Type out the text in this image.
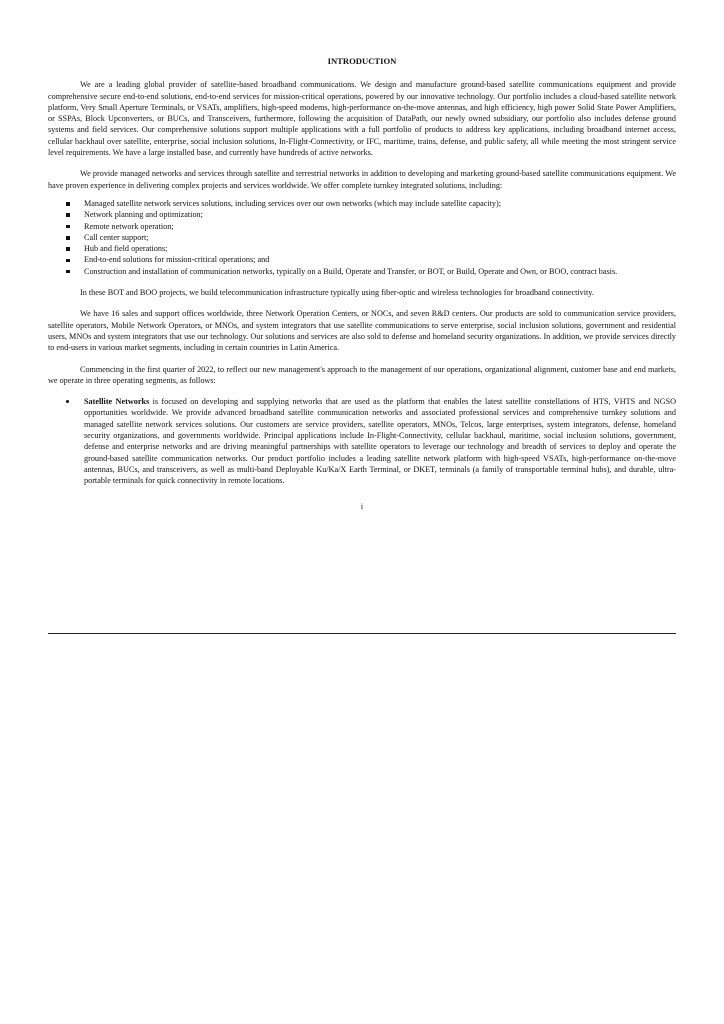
INTRODUCTION

We are a leading global provider of satellite-based broadband communications. We design and manufacture ground-based satellite communications equipment and provide comprehensive secure end-to-end solutions, end-to-end services for mission-critical operations, powered by our innovative technology. Our portfolio includes a cloud-based satellite network platform, Very Small Aperture Terminals, or VSATs, amplifiers, high-speed modems, high-performance on-the-move antennas, and high efficiency, high power Solid State Power Amplifiers, or SSPAs, Block Upconverters, or BUCs, and Transceivers, furthermore, following the acquisition of DataPath, our newly owned subsidiary, our portfolio also includes defense ground systems and field services. Our comprehensive solutions support multiple applications with a full portfolio of products to address key applications, including broadband internet access, cellular backhaul over satellite, enterprise, social inclusion solutions, In-Flight-Connectivity, or IFC, maritime, trains, defense, and public safety, all while meeting the most stringent service level requirements. We have a large installed base, and currently have hundreds of active networks.

We provide managed networks and services through satellite and terrestrial networks in addition to developing and marketing ground-based satellite communications equipment. We have proven experience in delivering complex projects and services worldwide. We offer complete turnkey integrated solutions, including:

Managed satellite network services solutions, including services over our own networks (which may include satellite capacity);
Network planning and optimization;
Remote network operation;
Call center support;
Hub and field operations;
End-to-end solutions for mission-critical operations; and
Construction and installation of communication networks, typically on a Build, Operate and Transfer, or BOT, or Build, Operate and Own, or BOO, contract basis.

In these BOT and BOO projects, we build telecommunication infrastructure typically using fiber-optic and wireless technologies for broadband connectivity.

We have 16 sales and support offices worldwide, three Network Operation Centers, or NOCs, and seven R&D centers. Our products are sold to communication service providers, satellite operators, Mobile Network Operators, or MNOs, and system integrators that use satellite communications to serve enterprise, social inclusion solutions, government and residential users, MNOs and system integrators that use our technology. Our solutions and services are also sold to defense and homeland security organizations. In addition, we provide services directly to end-users in various market segments, including in certain countries in Latin America.

Commencing in the first quarter of 2022, to reflect our new management's approach to the management of our operations, organizational alignment, customer base and end markets, we operate in three operating segments, as follows:

Satellite Networks is focused on developing and supplying networks that are used as the platform that enables the latest satellite constellations of HTS, VHTS and NGSO opportunities worldwide. We provide advanced broadband satellite communication networks and associated professional services and comprehensive turnkey solutions and managed satellite network services solutions. Our customers are service providers, satellite operators, MNOs, Telcos, large enterprises, system integrators, defense, homeland security organizations, and governments worldwide. Principal applications include In-Flight-Connectivity, cellular backhaul, maritime, social inclusion solutions, government, defense and enterprise networks and are driving meaningful partnerships with satellite operators to leverage our technology and breadth of services to deploy and operate the ground-based satellite communication networks. Our product portfolio includes a leading satellite network platform with high-speed VSATs, high-performance on-the-move antennas, BUCs, and transceivers, as well as multi-band Deployable Ku/Ka/X Earth Terminal, or DKET, terminals (a family of transportable terminal hubs), and durable, ultra-portable terminals for quick connectivity in remote locations.
i
